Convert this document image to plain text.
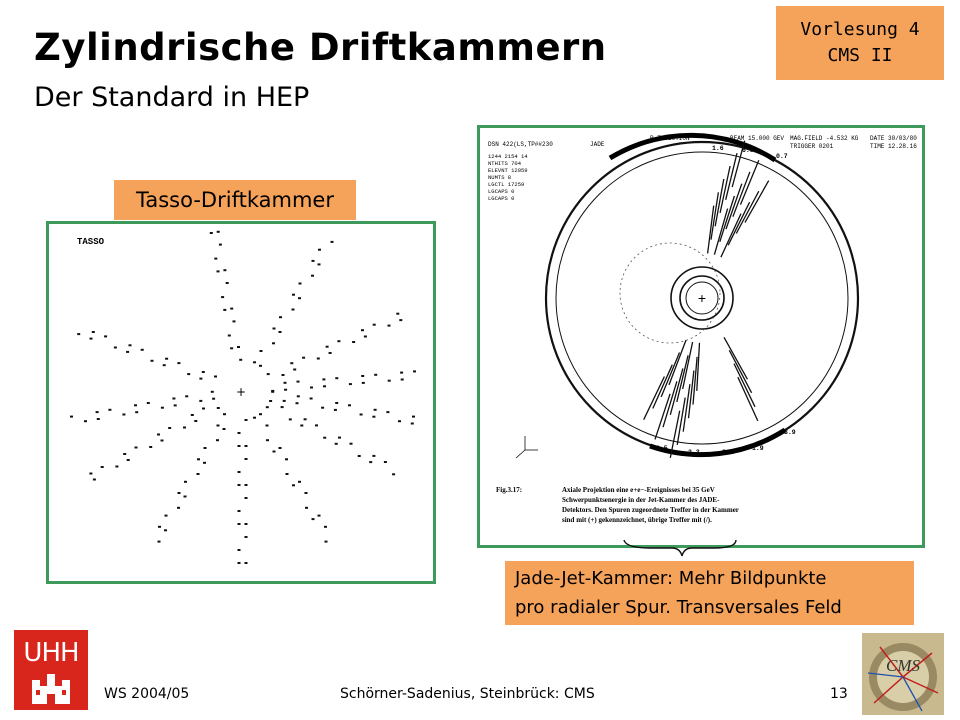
Zylindrische Driftkammern
Der Standard in HEP
Vorlesung 4
CMS II
Tasso-Driftkammer
TASSO
+
DSN 422(LS,TP##230	JADE
R-Z SECTION	BEAM 15.000 GEV MAG.FIELD -4.532 KG DATE 30/03/80
TRIGGER 0201	TIME 12.28.16
1244 2154 14
NTHITS 704
ELEVNT 12059
NUMTS 8
LGCTL 17259
LGCAPS 0
LGCAPS 0
+
1.6	6.8
0.7
0.5
3.3	3.1
1.9
3.9
Fig.3.17:	Axiale Projektion eine e+e−-Ereignisses bei 35 GeV
Schwerpunktsenergie in der Jet-Kammer des JADE-
Detektors. Den Spuren zugeordnete Treffer in der Kammer
sind mit (+) gekennzeichnet, übrige Treffer mit (/).
Jade-Jet-Kammer: Mehr Bildpunkte
pro radialer Spur. Transversales Feld
UHH
WS 2004/05	Schörner-Sadenius, Steinbrück: CMS	13
CMS
